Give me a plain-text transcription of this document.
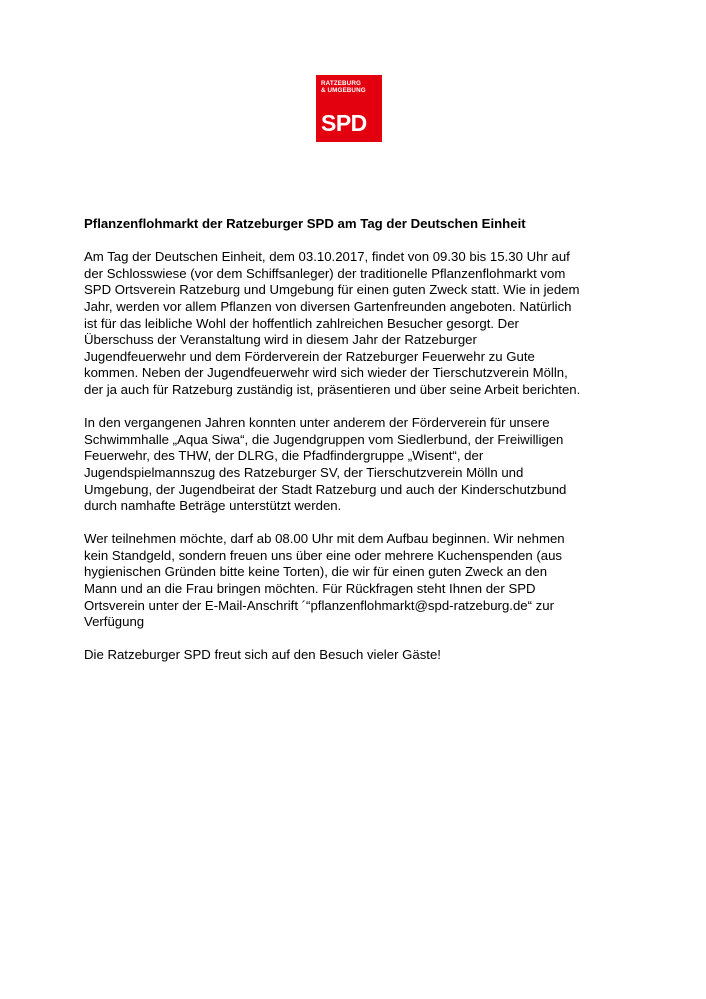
RATZEBURG
& UMGEBUNG
SPD
Pflanzenflohmarkt der Ratzeburger SPD am Tag der Deutschen Einheit
Am Tag der Deutschen Einheit, dem 03.10.2017, findet von 09.30 bis 15.30 Uhr auf
der Schlosswiese (vor dem Schiffsanleger) der traditionelle Pflanzenflohmarkt vom
SPD Ortsverein Ratzeburg und Umgebung für einen guten Zweck statt. Wie in jedem
Jahr, werden vor allem Pflanzen von diversen Gartenfreunden angeboten. Natürlich
ist für das leibliche Wohl der hoffentlich zahlreichen Besucher gesorgt. Der
Überschuss der Veranstaltung wird in diesem Jahr der Ratzeburger
Jugendfeuerwehr und dem Förderverein der Ratzeburger Feuerwehr zu Gute
kommen. Neben der Jugendfeuerwehr wird sich wieder der Tierschutzverein Mölln,
der ja auch für Ratzeburg zuständig ist, präsentieren und über seine Arbeit berichten.
In den vergangenen Jahren konnten unter anderem der Förderverein für unsere
Schwimmhalle „Aqua Siwa“, die Jugendgruppen vom Siedlerbund, der Freiwilligen
Feuerwehr, des THW, der DLRG, die Pfadfindergruppe „Wisent“, der
Jugendspielmannszug des Ratzeburger SV, der Tierschutzverein Mölln und
Umgebung, der Jugendbeirat der Stadt Ratzeburg und auch der Kinderschutzbund
durch namhafte Beträge unterstützt werden.
Wer teilnehmen möchte, darf ab 08.00 Uhr mit dem Aufbau beginnen. Wir nehmen
kein Standgeld, sondern freuen uns über eine oder mehrere Kuchenspenden (aus
hygienischen Gründen bitte keine Torten), die wir für einen guten Zweck an den
Mann und an die Frau bringen möchten. Für Rückfragen steht Ihnen der SPD
Ortsverein unter der E-Mail-Anschrift ´“pflanzenflohmarkt@spd-ratzeburg.de“ zur
Verfügung
Die Ratzeburger SPD freut sich auf den Besuch vieler Gäste!
